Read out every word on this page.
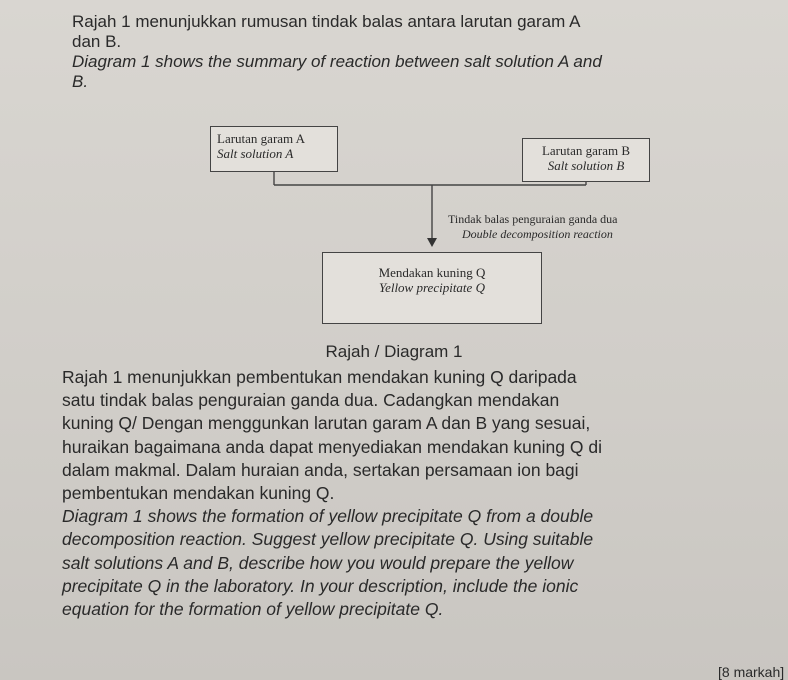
Rajah 1 menunjukkan rumusan tindak balas antara larutan garam A
dan B.
Diagram 1 shows the summary of reaction between salt solution A and
B.
Larutan garam A
Salt solution A	Larutan garam B
Salt solution B
Tindak balas penguraian ganda dua
Double decomposition reaction
Mendakan kuning Q
Yellow precipitate Q
Rajah / Diagram 1
Rajah 1 menunjukkan pembentukan mendakan kuning Q daripada
satu tindak balas penguraian ganda dua. Cadangkan mendakan
kuning Q/ Dengan menggunkan larutan garam A dan B yang sesuai,
huraikan bagaimana anda dapat menyediakan mendakan kuning Q di
dalam makmal. Dalam huraian anda, sertakan persamaan ion bagi
pembentukan mendakan kuning Q.
Diagram 1 shows the formation of yellow precipitate Q from a double
decomposition reaction. Suggest yellow precipitate Q. Using suitable
salt solutions A and B, describe how you would prepare the yellow
precipitate Q in the laboratory. In your description, include the ionic
equation for the formation of yellow precipitate Q.
[8 markah]
